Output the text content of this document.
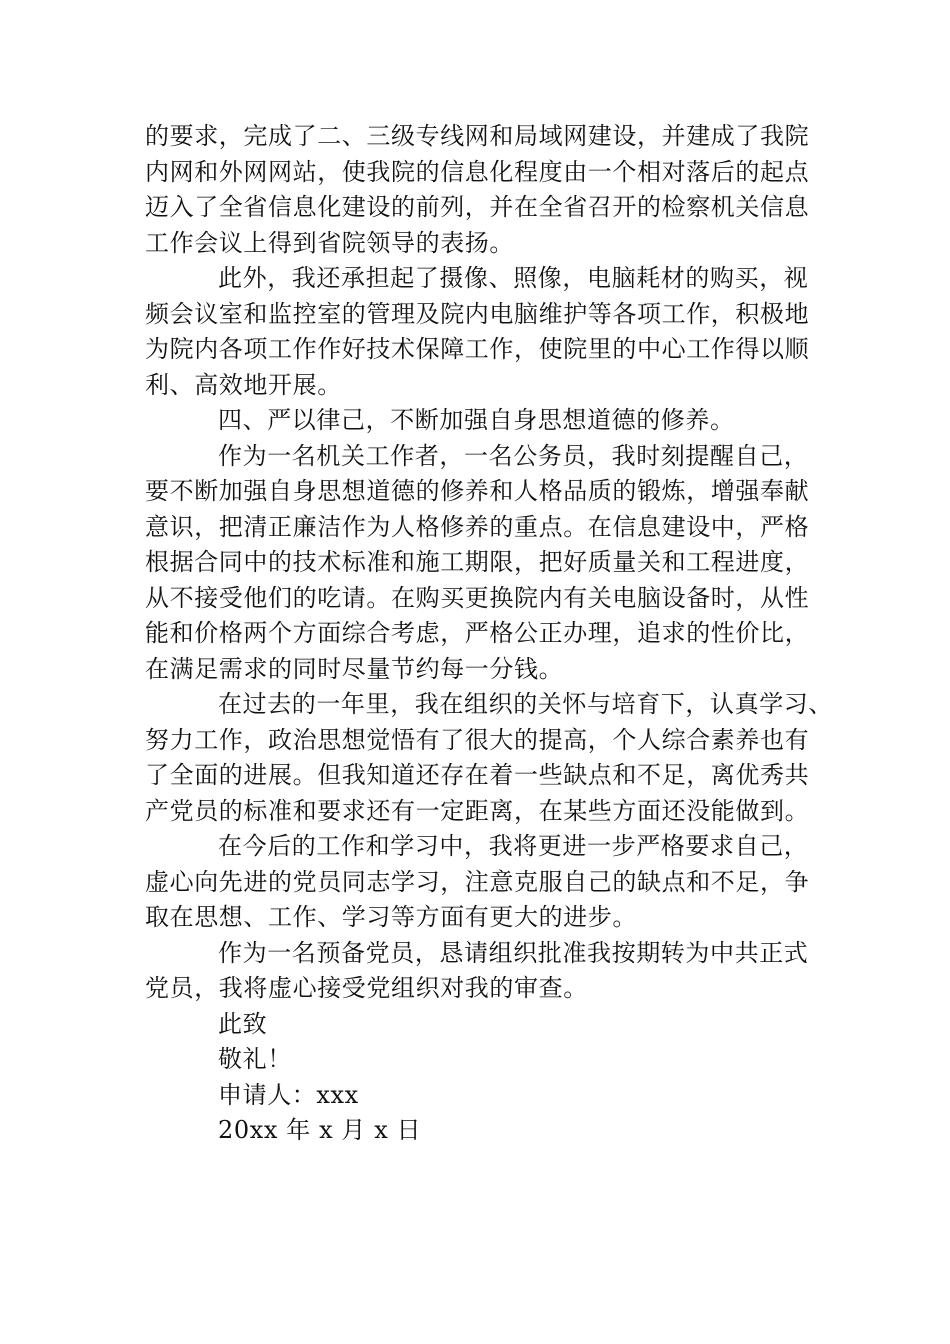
的要求，完成了二、三级专线网和局域网建设，并建成了我院
内网和外网网站，使我院的信息化程度由一个相对落后的起点
迈入了全省信息化建设的前列，并在全省召开的检察机关信息
工作会议上得到省院领导的表扬。
此外，我还承担起了摄像、照像，电脑耗材的购买，视
频会议室和监控室的管理及院内电脑维护等各项工作，积极地
为院内各项工作作好技术保障工作，使院里的中心工作得以顺
利、高效地开展。
四、严以律己，不断加强自身思想道德的修养。
作为一名机关工作者，一名公务员，我时刻提醒自己，
要不断加强自身思想道德的修养和人格品质的锻炼，增强奉献
意识，把清正廉洁作为人格修养的重点。在信息建设中，严格
根据合同中的技术标准和施工期限，把好质量关和工程进度，
从不接受他们的吃请。在购买更换院内有关电脑设备时，从性
能和价格两个方面综合考虑，严格公正办理，追求的性价比，
在满足需求的同时尽量节约每一分钱。
在过去的一年里，我在组织的关怀与培育下，认真学习、
努力工作，政治思想觉悟有了很大的提高，个人综合素养也有
了全面的进展。但我知道还存在着一些缺点和不足，离优秀共
产党员的标准和要求还有一定距离，在某些方面还没能做到。
在今后的工作和学习中，我将更进一步严格要求自己，
虚心向先进的党员同志学习，注意克服自己的缺点和不足，争
取在思想、工作、学习等方面有更大的进步。
作为一名预备党员，恳请组织批准我按期转为中共正式
党员，我将虚心接受党组织对我的审查。
此致
敬礼！
申请人：xxx
20xx 年 x 月 x 日
